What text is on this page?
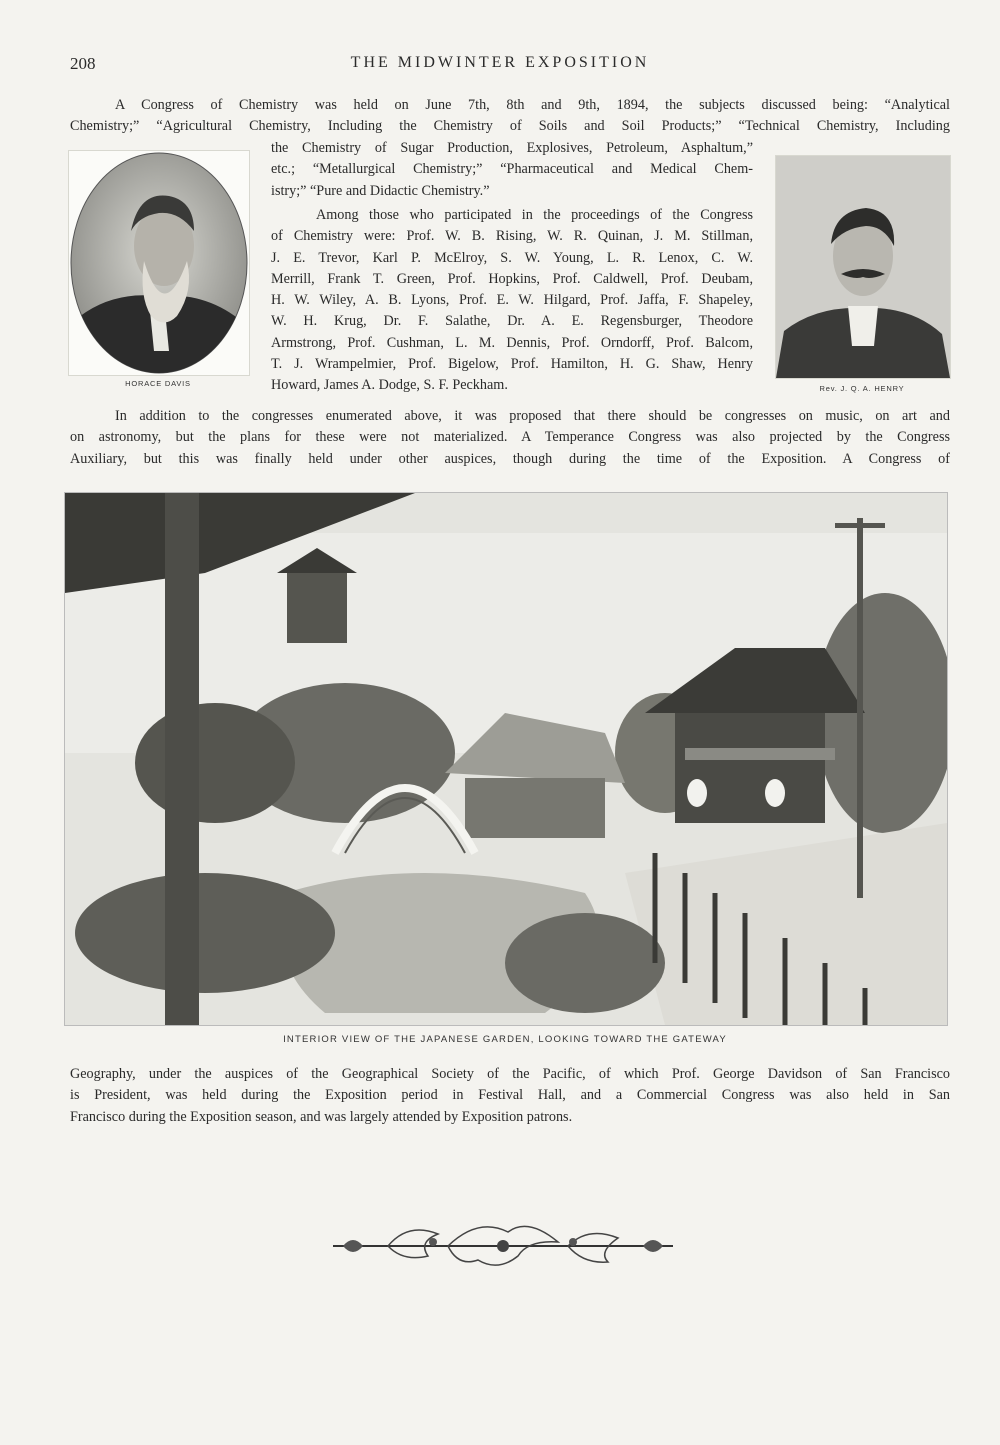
208	THE MIDWINTER EXPOSITION
A Congress of Chemistry was held on June 7th, 8th and 9th, 1894, the subjects discussed being: “Analytical
Chemistry;” “Agricultural Chemistry, Including the Chemistry of Soils and Soil Products;” “Technical Chemistry, Including
the Chemistry of Sugar Production, Explosives, Petroleum, Asphaltum,”
etc.; “Metallurgical Chemistry;” “Pharmaceutical and Medical Chem-
istry;” “Pure and Didactic Chemistry.”
Among those who participated in the proceedings of the Congress
of Chemistry were: Prof. W. B. Rising, W. R. Quinan, J. M. Stillman,
J. E. Trevor, Karl P. McElroy, S. W. Young, L. R. Lenox, C. W.
Merrill, Frank T. Green, Prof. Hopkins, Prof. Caldwell, Prof. Deubam,
H. W. Wiley, A. B. Lyons, Prof. E. W. Hilgard, Prof. Jaffa, F. Shapeley,
W. H. Krug, Dr. F. Salathe, Dr. A. E. Regensburger, Theodore
Armstrong, Prof. Cushman, L. M. Dennis, Prof. Orndorff, Prof. Balcom,
T. J. Wrampelmier, Prof. Bigelow, Prof. Hamilton, H. G. Shaw, Henry
Howard, James A. Dodge, S. F. Peckham.
HORACE DAVIS
Rev. J. Q. A. HENRY
In addition to the congresses enumerated above, it was proposed that there should be congresses on music, on art and
on astronomy, but the plans for these were not materialized. A Temperance Congress was also projected by the Congress
Auxiliary, but this was finally held under other auspices, though during the time of the Exposition. A Congress of
INTERIOR VIEW OF THE JAPANESE GARDEN, LOOKING TOWARD THE GATEWAY
Geography, under the auspices of the Geographical Society of the Pacific, of which Prof. George Davidson of San Francisco
is President, was held during the Exposition period in Festival Hall, and a Commercial Congress was also held in San
Francisco during the Exposition season, and was largely attended by Exposition patrons.
